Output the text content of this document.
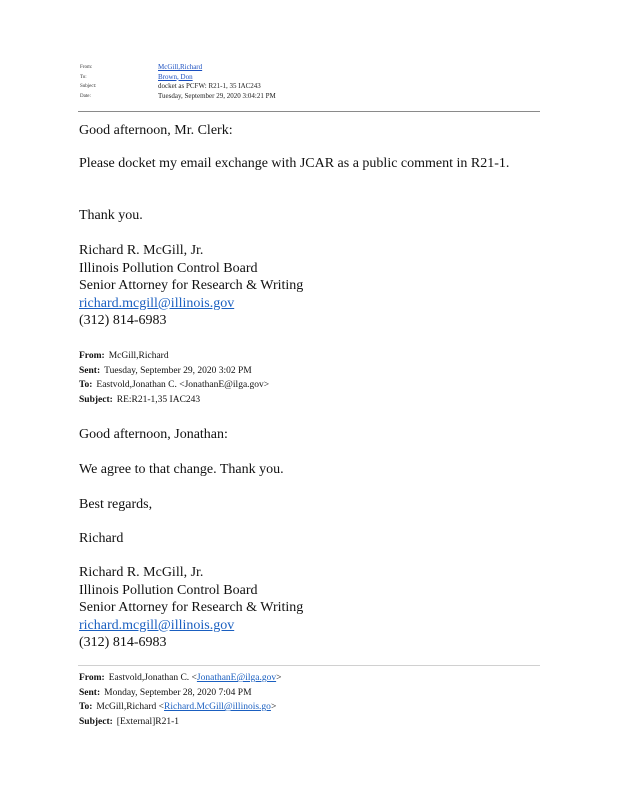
From:	McGill,Richard
To:	Brown, Don
Subject:	docket as PCFW: R21-1, 35 IAC243
Date:	Tuesday, September 29, 2020 3:04:21 PM
Good afternoon, Mr. Clerk:
Please docket my email exchange with JCAR as a public comment in R21-1.
Thank you.
Richard R. McGill, Jr.
Illinois Pollution Control Board
Senior Attorney for Research & Writing
richard.mcgill@illinois.gov
(312) 814-6983
From: McGill,Richard
Sent: Tuesday, September 29, 2020 3:02 PM
To: Eastvold,Jonathan C. <JonathanE@ilga.gov>
Subject: RE:R21-1,35 IAC243
Good afternoon, Jonathan:
We agree to that change. Thank you.
Best regards,
Richard
Richard R. McGill, Jr.
Illinois Pollution Control Board
Senior Attorney for Research & Writing
richard.mcgill@illinois.gov
(312) 814-6983
From: Eastvold,Jonathan C. <JonathanE@ilga.gov>
Sent: Monday, September 28, 2020 7:04 PM
To: McGill,Richard <Richard.McGill@illinois.go>
Subject: [External]R21-1
